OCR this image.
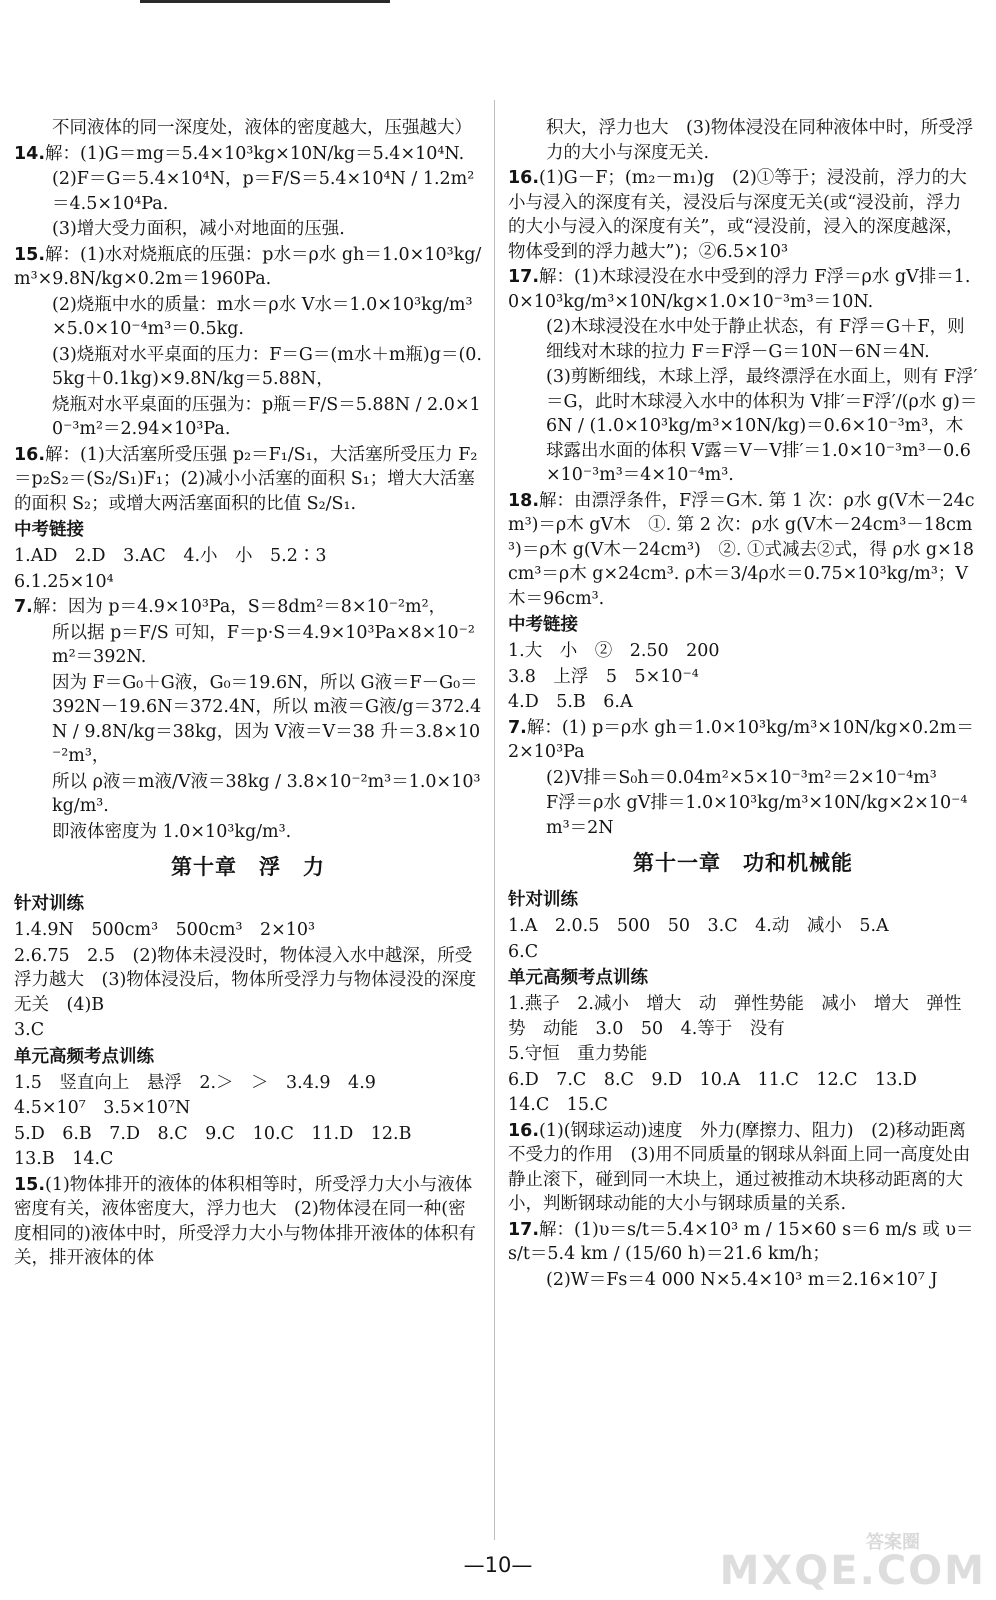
不同液体的同一深度处，液体的密度越大，压强越大）

14.解：(1)G＝mg＝5.4×10³kg×10N/kg＝5.4×10⁴N.

(2)F＝G＝5.4×10⁴N，p＝F/S＝5.4×10⁴N / 1.2m²＝4.5×10⁴Pa.

(3)增大受力面积，减小对地面的压强.

15.解：(1)水对烧瓶底的压强：p水＝ρ水 gh＝1.0×10³kg/m³×9.8N/kg×0.2m＝1960Pa.

(2)烧瓶中水的质量：m水＝ρ水 V水＝1.0×10³kg/m³×5.0×10⁻⁴m³＝0.5kg.

(3)烧瓶对水平桌面的压力：F＝G＝(m水＋m瓶)g＝(0.5kg＋0.1kg)×9.8N/kg＝5.88N，

烧瓶对水平桌面的压强为：p瓶＝F/S＝5.88N / 2.0×10⁻³m²＝2.94×10³Pa.

16.解：(1)大活塞所受压强 p₂＝F₁/S₁，大活塞所受压力 F₂＝p₂S₂＝(S₂/S₁)F₁；(2)减小小活塞的面积 S₁；增大大活塞的面积 S₂；或增大两活塞面积的比值 S₂/S₁.

中考链接

1.AD　2.D　3.AC　4.小　小　5.2∶3

6.1.25×10⁴

7.解：因为 p＝4.9×10³Pa，S＝8dm²＝8×10⁻²m²，

所以据 p＝F/S 可知，F＝p·S＝4.9×10³Pa×8×10⁻²m²＝392N.

因为 F＝G₀＋G液，G₀＝19.6N，所以 G液＝F－G₀＝392N－19.6N＝372.4N，所以 m液＝G液/g＝372.4N / 9.8N/kg＝38kg，因为 V液＝V＝38 升＝3.8×10⁻²m³，

所以 ρ液＝m液/V液＝38kg / 3.8×10⁻²m³＝1.0×10³kg/m³.

即液体密度为 1.0×10³kg/m³.

第十章　浮　力
针对训练

1.4.9N　500cm³　500cm³　2×10³

2.6.75　2.5　(2)物体未浸没时，物体浸入水中越深，所受浮力越大　(3)物体浸没后，物体所受浮力与物体浸没的深度无关　(4)B

3.C

单元高频考点训练

1.5　竖直向上　悬浮　2.＞　＞　3.4.9　4.9

4.5×10⁷　3.5×10⁷N

5.D　6.B　7.D　8.C　9.C　10.C　11.D　12.B

13.B　14.C

15.(1)物体排开的液体的体积相等时，所受浮力大小与液体密度有关，液体密度大，浮力也大　(2)物体浸在同一种(密度相同的)液体中时，所受浮力大小与物体排开液体的体积有关，排开液体的体

积大，浮力也大　(3)物体浸没在同种液体中时，所受浮力的大小与深度无关.

16.(1)G－F；(m₂－m₁)g　(2)①等于；浸没前，浮力的大小与浸入的深度有关，浸没后与深度无关(或“浸没前，浮力的大小与浸入的深度有关”，或“浸没前，浸入的深度越深，物体受到的浮力越大”)；②6.5×10³

17.解：(1)木球浸没在水中受到的浮力 F浮＝ρ水 gV排＝1.0×10³kg/m³×10N/kg×1.0×10⁻³m³＝10N.

(2)木球浸没在水中处于静止状态，有 F浮＝G＋F，则细线对木球的拉力 F＝F浮－G＝10N－6N＝4N.

(3)剪断细线，木球上浮，最终漂浮在水面上，则有 F浮′＝G，此时木球浸入水中的体积为 V排′＝F浮′/(ρ水 g)＝6N / (1.0×10³kg/m³×10N/kg)＝0.6×10⁻³m³，木球露出水面的体积 V露＝V－V排′＝1.0×10⁻³m³－0.6×10⁻³m³＝4×10⁻⁴m³.

18.解：由漂浮条件，F浮＝G木. 第 1 次：ρ水 g(V木－24cm³)＝ρ木 gV木　①. 第 2 次：ρ水 g(V木－24cm³－18cm³)＝ρ木 g(V木－24cm³)　②. ①式减去②式，得 ρ水 g×18cm³＝ρ木 g×24cm³. ρ木＝3/4ρ水＝0.75×10³kg/m³；V木＝96cm³.

中考链接

1.大　小　②　2.50　200

3.8　上浮　5　5×10⁻⁴

4.D　5.B　6.A

7.解：(1) p＝ρ水 gh＝1.0×10³kg/m³×10N/kg×0.2m＝2×10³Pa

(2)V排＝S₀h＝0.04m²×5×10⁻³m²＝2×10⁻⁴m³

F浮＝ρ水 gV排＝1.0×10³kg/m³×10N/kg×2×10⁻⁴m³＝2N

第十一章　功和机械能
针对训练

1.A　2.0.5　500　50　3.C　4.动　减小　5.A

6.C

单元高频考点训练

1.燕子　2.减小　增大　动　弹性势能　减小　增大　弹性势　动能　3.0　50　4.等于　没有

5.守恒　重力势能

6.D　7.C　8.C　9.D　10.A　11.C　12.C　13.D

14.C　15.C

16.(1)(钢球运动)速度　外力(摩擦力、阻力)　(2)移动距离　不受力的作用　(3)用不同质量的钢球从斜面上同一高度处由静止滚下，碰到同一木块上，通过被推动木块移动距离的大小，判断钢球动能的大小与钢球质量的关系.

17.解：(1)υ＝s/t＝5.4×10³ m / 15×60 s＝6 m/s 或 υ＝s/t＝5.4 km / (15/60 h)＝21.6 km/h；

(2)W＝Fs＝4 000 N×5.4×10³ m＝2.16×10⁷ J

—10—
答案圈
MXQE.COM
